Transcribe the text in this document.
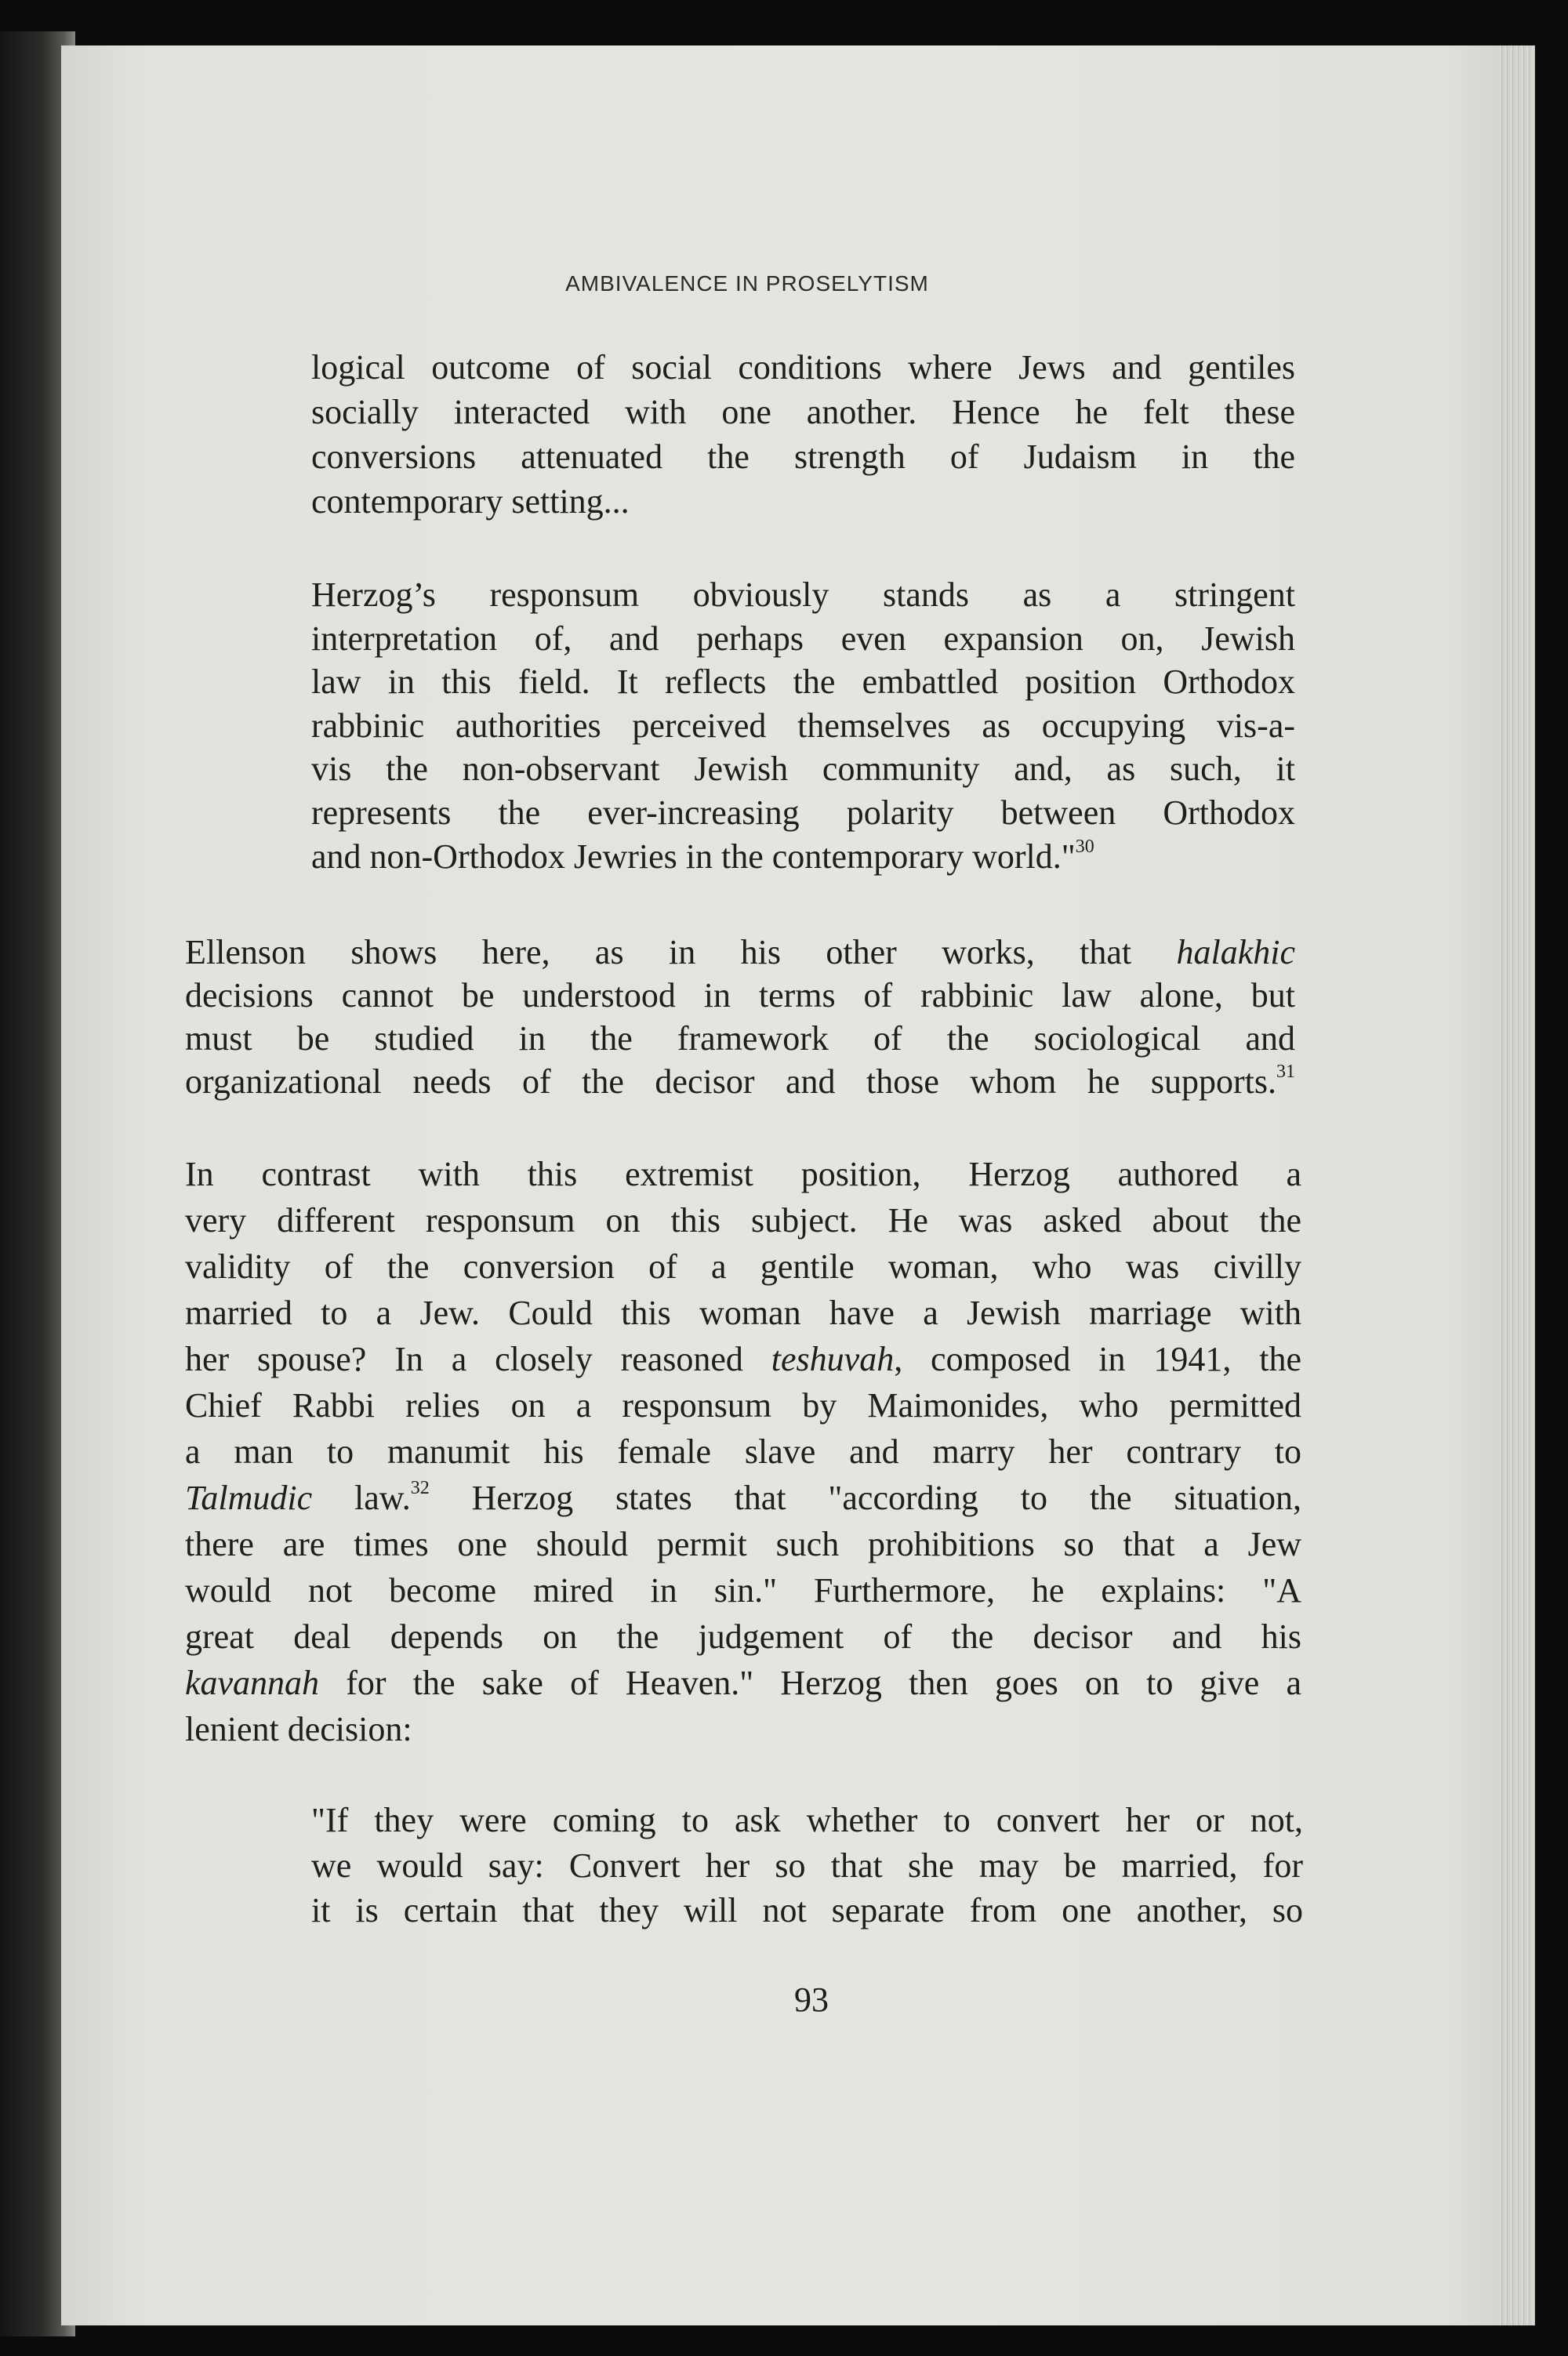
AMBIVALENCE IN PROSELYTISM
logical outcome of social conditions where Jews and gentiles
socially interacted with one another. Hence he felt these
conversions attenuated the strength of Judaism in the
contemporary setting...
Herzog’s responsum obviously stands as a stringent
interpretation of, and perhaps even expansion on, Jewish
law in this field. It reflects the embattled position Orthodox
rabbinic authorities perceived themselves as occupying vis-a-
vis the non-observant Jewish community and, as such, it
represents the ever-increasing polarity between Orthodox
and non-Orthodox Jewries in the contemporary world."$^{30}$
Ellenson shows here, as in his other works, that halakhic
decisions cannot be understood in terms of rabbinic law alone, but
must be studied in the framework of the sociological and
organizational needs of the decisor and those whom he supports.$^{31}$
In contrast with this extremist position, Herzog authored a
very different responsum on this subject. He was asked about the
validity of the conversion of a gentile woman, who was civilly
married to a Jew. Could this woman have a Jewish marriage with
her spouse? In a closely reasoned teshuvah, composed in 1941, the
Chief Rabbi relies on a responsum by Maimonides, who permitted
a man to manumit his female slave and marry her contrary to
Talmudic law.$^{32}$ Herzog states that "according to the situation,
there are times one should permit such prohibitions so that a Jew
would not become mired in sin." Furthermore, he explains: "A
great deal depends on the judgement of the decisor and his
kavannah for the sake of Heaven." Herzog then goes on to give a
lenient decision:
"If they were coming to ask whether to convert her or not,
we would say: Convert her so that she may be married, for
it is certain that they will not separate from one another, so
93
